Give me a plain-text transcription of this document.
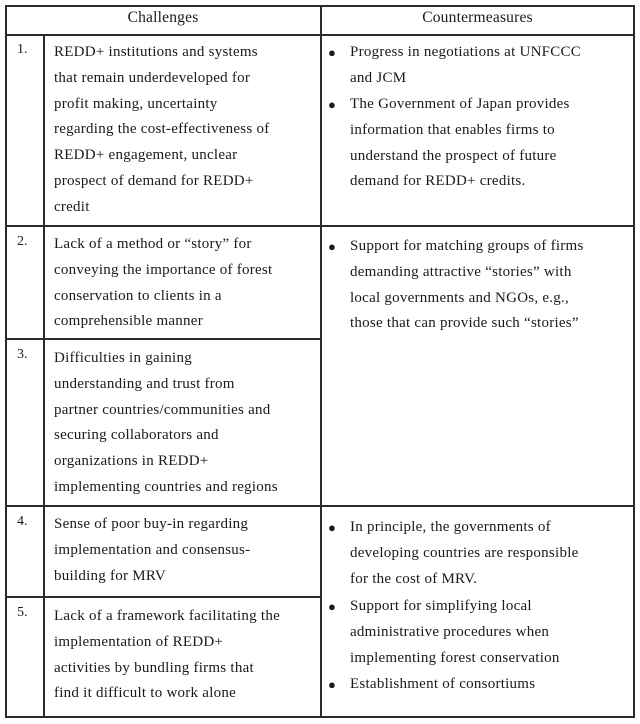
Challenges	Countermeasures
1.
2.
3.
4.
5.
REDD+ institutions and systems
that remain underdeveloped for
profit making, uncertainty
regarding the cost-effectiveness of
REDD+ engagement, unclear
prospect of demand for REDD+
credit
Lack of a method or “story” for
conveying the importance of forest
conservation to clients in a
comprehensible manner
Difficulties in gaining
understanding and trust from
partner countries/communities and
securing collaborators and
organizations in REDD+
implementing countries and regions
Sense of poor buy-in regarding
implementation and consensus-
building for MRV
Lack of a framework facilitating the
implementation of REDD+
activities by bundling firms that
find it difficult to work alone
● Progress in negotiations at UNFCCC
and JCM
● The Government of Japan provides
information that enables firms to
understand the prospect of future
demand for REDD+ credits.
● Support for matching groups of firms
demanding attractive “stories” with
local governments and NGOs, e.g.,
those that can provide such “stories”
● In principle, the governments of
developing countries are responsible
for the cost of MRV.
● Support for simplifying local
administrative procedures when
implementing forest conservation
● Establishment of consortiums
